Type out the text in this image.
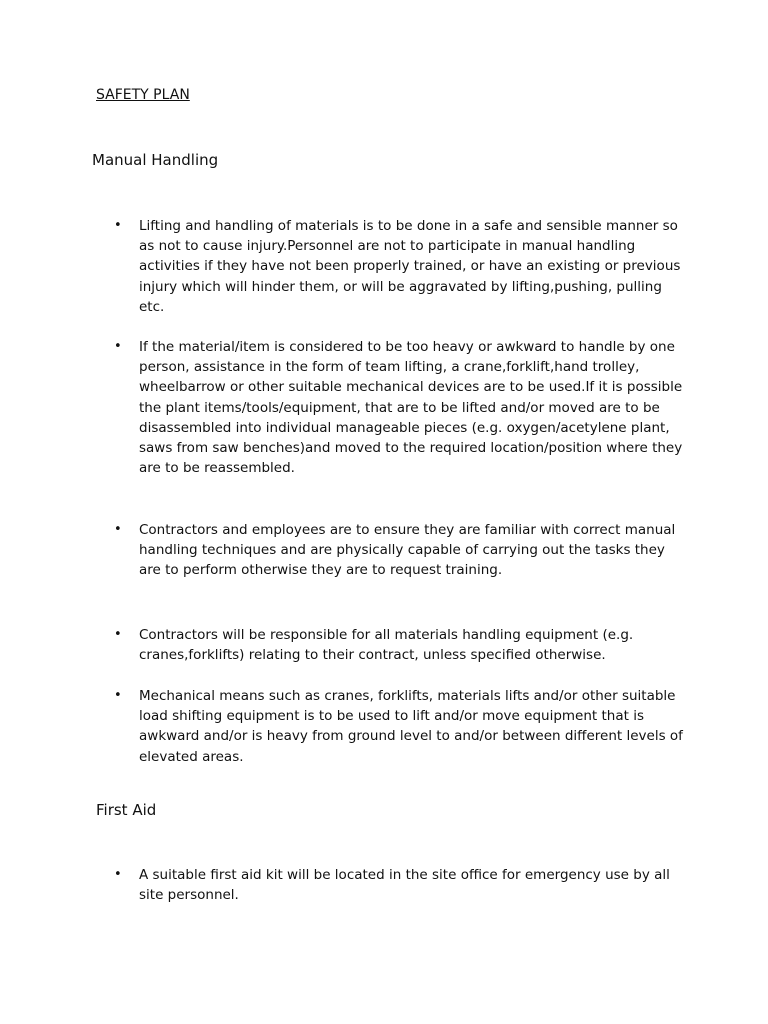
SAFETY PLAN
Manual Handling
•	Lifting and handling of materials is to be done in a safe and sensible manner so as not to cause injury.Personnel are not to participate in manual handling activities if they have not been properly trained, or have an existing or previous injury which will hinder them, or will be aggravated by lifting,pushing, pulling etc.
•	If the material/item is considered to be too heavy or awkward to handle by one person, assistance in the form of team lifting, a crane,forklift,hand trolley, wheelbarrow or other suitable mechanical devices are to be used.If it is possible the plant items/tools/equipment, that are to be lifted and/or moved are to be disassembled into individual manageable pieces (e.g. oxygen/acetylene plant, saws from saw benches)and moved to the required location/position where they are to be reassembled.
•	Contractors and employees are to ensure they are familiar with correct manual handling techniques and are physically capable of carrying out the tasks they are to perform otherwise they are to request training.
•	Contractors will be responsible for all materials handling equipment (e.g. cranes,forklifts) relating to their contract, unless specified otherwise.
•	Mechanical means such as cranes, forklifts, materials lifts and/or other suitable load shifting equipment is to be used to lift and/or move equipment that is awkward and/or is heavy from ground level to and/or between different levels of elevated areas.
First Aid
•	A suitable first aid kit will be located in the site office for emergency use by all site personnel.
